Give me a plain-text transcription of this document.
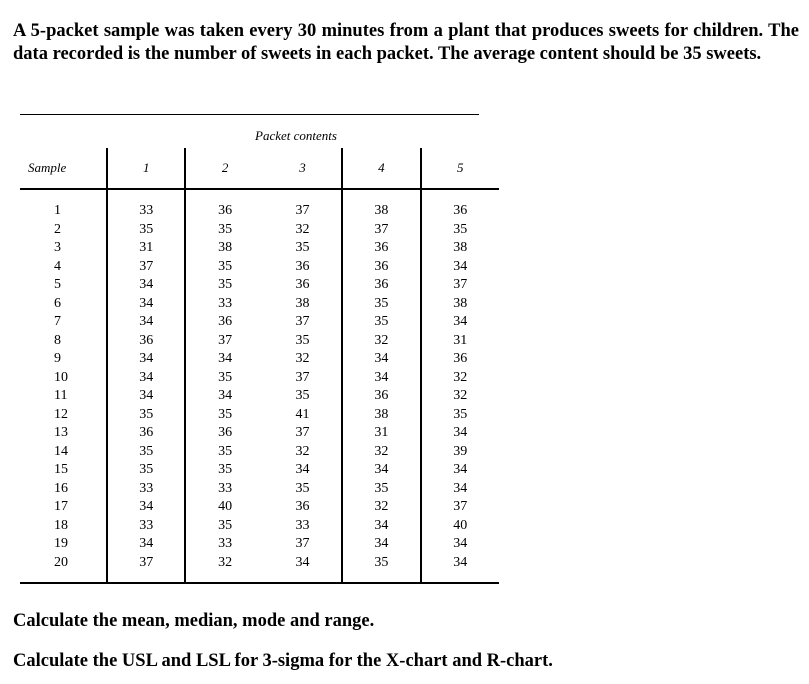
A 5-packet sample was taken every 30 minutes from a plant that produces sweets for children. The data recorded is the number of sweets in each packet. The average content should be 35 sweets.

Packet contents
Sample	1	2	3	4	5
1	33	36	37	38	36
2	35	35	32	37	35
3	31	38	35	36	38
4	37	35	36	36	34
5	34	35	36	36	37
6	34	33	38	35	38
7	34	36	37	35	34
8	36	37	35	32	31
9	34	34	32	34	36
10	34	35	37	34	32
11	34	34	35	36	32
12	35	35	41	38	35
13	36	36	37	31	34
14	35	35	32	32	39
15	35	35	34	34	34
16	33	33	35	35	34
17	34	40	36	32	37
18	33	35	33	34	40
19	34	33	37	34	34
20	37	32	34	35	34

Calculate the mean, median, mode and range.

Calculate the USL and LSL for 3-sigma for the X-chart and R-chart.
